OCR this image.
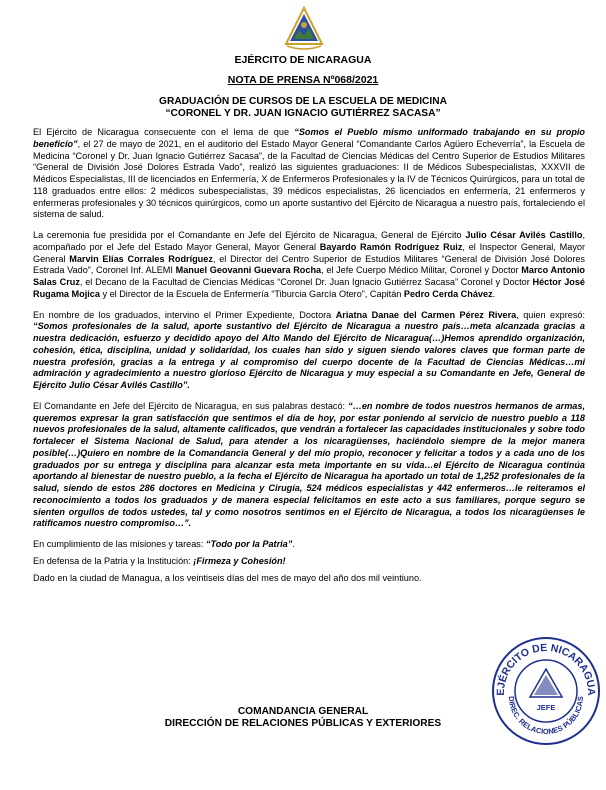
EJÉRCITO DE NICARAGUA
NOTA DE PRENSA Nº068/2021
GRADUACIÓN DE CURSOS DE LA ESCUELA DE MEDICINA
“CORONEL Y DR. JUAN IGNACIO GUTIÉRREZ SACASA”

El Ejército de Nicaragua consecuente con el lema de que “Somos el Pueblo mismo uniformado trabajando en su propio beneficio”, el 27 de mayo de 2021, en el auditorio del Estado Mayor General “Comandante Carlos Agüero Echeverría”, la Escuela de Medicina “Coronel y Dr. Juan Ignacio Gutiérrez Sacasa”, de la Facultad de Ciencias Médicas del Centro Superior de Estudios Militares “General de División José Dolores Estrada Vado”, realizó las siguientes graduaciones: II de Médicos Subespecialistas, XXXVII de Médicos Especialistas, III de licenciados en Enfermería, X de Enfermeros Profesionales y la IV de Técnicos Quirúrgicos, para un total de 118 graduados entre ellos: 2 médicos subespecialistas, 39 médicos especialistas, 26 licenciados en enfermería, 21 enfermeros y enfermeras profesionales y 30 técnicos quirúrgicos, como un aporte sustantivo del Ejército de Nicaragua a nuestro país, fortaleciendo el sistema de salud.

La ceremonia fue presidida por el Comandante en Jefe del Ejército de Nicaragua, General de Ejército Julio César Avilés Castillo, acompañado por el Jefe del Estado Mayor General, Mayor General Bayardo Ramón Rodríguez Ruiz, el Inspector General, Mayor General Marvin Elías Corrales Rodríguez, el Director del Centro Superior de Estudios Militares “General de División José Dolores Estrada Vado”, Coronel Inf. ALEMI Manuel Geovanni Guevara Rocha, el Jefe Cuerpo Médico Militar, Coronel y Doctor Marco Antonio Salas Cruz, el Decano de la Facultad de Ciencias Médicas “Coronel Dr. Juan Ignacio Gutiérrez Sacasa” Coronel y Doctor Héctor José Rugama Mojica y el Director de la Escuela de Enfermería “Tiburcia García Otero”, Capitán Pedro Cerda Chávez.

En nombre de los graduados, intervino el Primer Expediente, Doctora Ariatna Danae del Carmen Pérez Rivera, quien expresó: “Somos profesionales de la salud, aporte sustantivo del Ejército de Nicaragua a nuestro país…meta alcanzada gracias a nuestra dedicación, esfuerzo y decidido apoyo del Alto Mando del Ejército de Nicaragua(…)Hemos aprendido organización, cohesión, ética, disciplina, unidad y solidaridad, los cuales han sido y siguen siendo valores claves que forman parte de nuestra profesión, gracias a la entrega y al compromiso del cuerpo docente de la Facultad de Ciencias Médicas…mi admiración y agradecimiento a nuestro glorioso Ejército de Nicaragua y muy especial a su Comandante en Jefe, General de Ejército Julio César Avilés Castillo”.

El Comandante en Jefe del Ejército de Nicaragua, en sus palabras destacó: “…en nombre de todos nuestros hermanos de armas, queremos expresar la gran satisfacción que sentimos el día de hoy, por estar poniendo al servicio de nuestro pueblo a 118 nuevos profesionales de la salud, altamente calificados, que vendrán a fortalecer las capacidades institucionales y sobre todo fortalecer el Sistema Nacional de Salud, para atender a los nicaragüenses, haciéndolo siempre de la mejor manera posible(…)Quiero en nombre de la Comandancia General y del mío propio, reconocer y felicitar a todos y a cada uno de los graduados por su entrega y disciplina para alcanzar esta meta importante en su vida…el Ejército de Nicaragua continúa aportando al bienestar de nuestro pueblo, a la fecha el Ejército de Nicaragua ha aportado un total de 1,252 profesionales de la salud, siendo de estos 286 doctores en Medicina y Cirugía, 524 médicos especialistas y 442 enfermeros…le reiteramos el reconocimiento a todos los graduados y de manera especial felicitamos en este acto a sus familiares, porque seguro se sienten orgullos de todos ustedes, tal y como nosotros sentimos en el Ejército de Nicaragua, a todos los nicaragüenses le ratificamos nuestro compromiso…”.

En cumplimiento de las misiones y tareas: “Todo por la Patria”.

En defensa de la Patria y la Institución: ¡Firmeza y Cohesión!

Dado en la ciudad de Managua, a los veintiseis días del mes de mayo del año dos mil veintiuno.

COMANDANCIA GENERAL
DIRECCIÓN DE RELACIONES PÚBLICAS Y EXTERIORES
EJÉRCITO DE NICARAGUA
DIREC. RELACIONES PÚBLICAS
JEFE
